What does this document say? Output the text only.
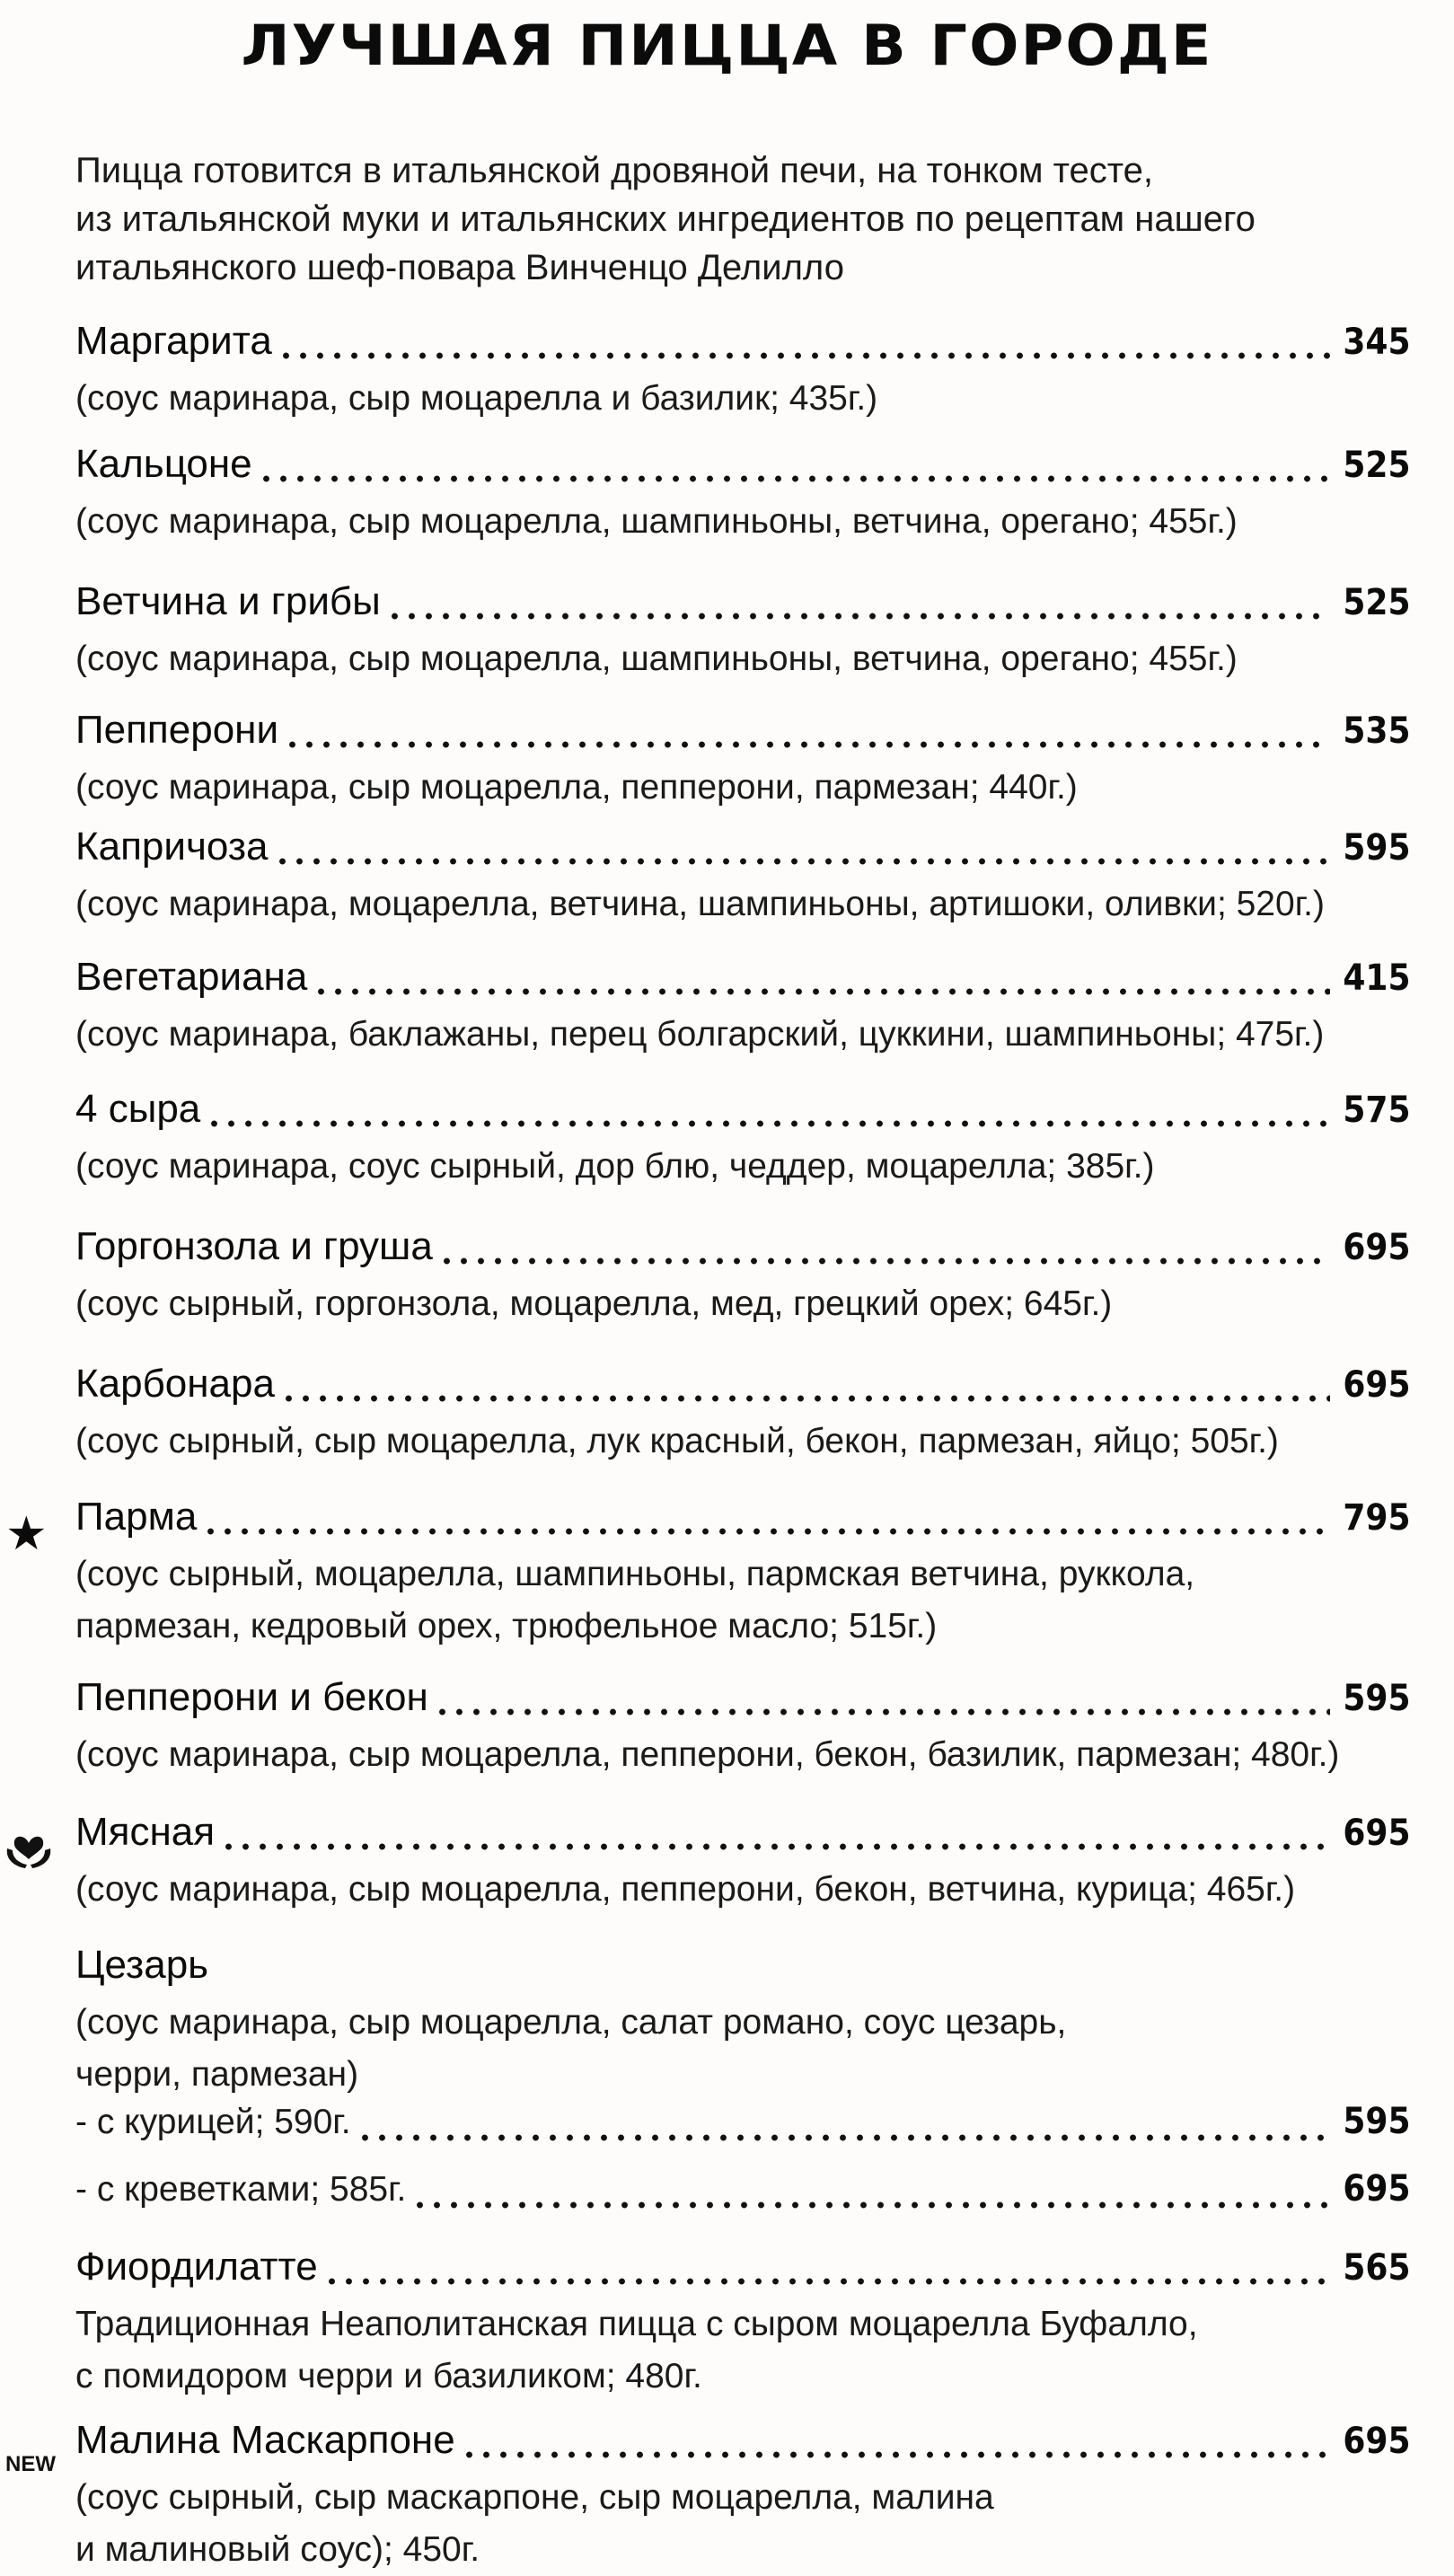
ЛУЧШАЯ ПИЦЦА В ГОРОДЕ
Пицца готовится в итальянской дровяной печи, на тонком тесте,
из итальянской муки и итальянских ингредиентов по рецептам нашего
итальянского шеф-повара Винченцо Делилло
★
NEW
Маргарита	345
(соус маринара, сыр моцарелла и базилик; 435г.)
Кальцоне	525
(соус маринара, сыр моцарелла, шампиньоны, ветчина, орегано; 455г.)
Ветчина и грибы	525
(соус маринара, сыр моцарелла, шампиньоны, ветчина, орегано; 455г.)
Пепперони	535
(соус маринара, сыр моцарелла, пепперони, пармезан; 440г.)
Капричоза	595
(соус маринара, моцарелла, ветчина, шампиньоны, артишоки, оливки; 520г.)
Вегетариана	415
(соус маринара, баклажаны, перец болгарский, цуккини, шампиньоны; 475г.)
4 сыра	575
(соус маринара, соус сырный, дор блю, чеддер, моцарелла; 385г.)
Горгонзола и груша	695
(соус сырный, горгонзола, моцарелла, мед, грецкий орех; 645г.)
Карбонара	695
(соус сырный, сыр моцарелла, лук красный, бекон, пармезан, яйцо; 505г.)
Парма	795
(соус сырный, моцарелла, шампиньоны, пармская ветчина, руккола,
пармезан, кедровый орех, трюфельное масло; 515г.)
Пепперони и бекон	595
(соус маринара, сыр моцарелла, пепперони, бекон, базилик, пармезан; 480г.)
Мясная	695
(соус маринара, сыр моцарелла, пепперони, бекон, ветчина, курица; 465г.)
Цезарь
(соус маринара, сыр моцарелла, салат романо, соус цезарь,
черри, пармезан)
- с курицей; 590г.	595
- с креветками; 585г.	695
Фиордилатте	565
Традиционная Неаполитанская пицца с сыром моцарелла Буфалло,
с помидором черри и базиликом; 480г.
Малина Маскарпоне	695
(соус сырный, сыр маскарпоне, сыр моцарелла, малина
и малиновый соус); 450г.
